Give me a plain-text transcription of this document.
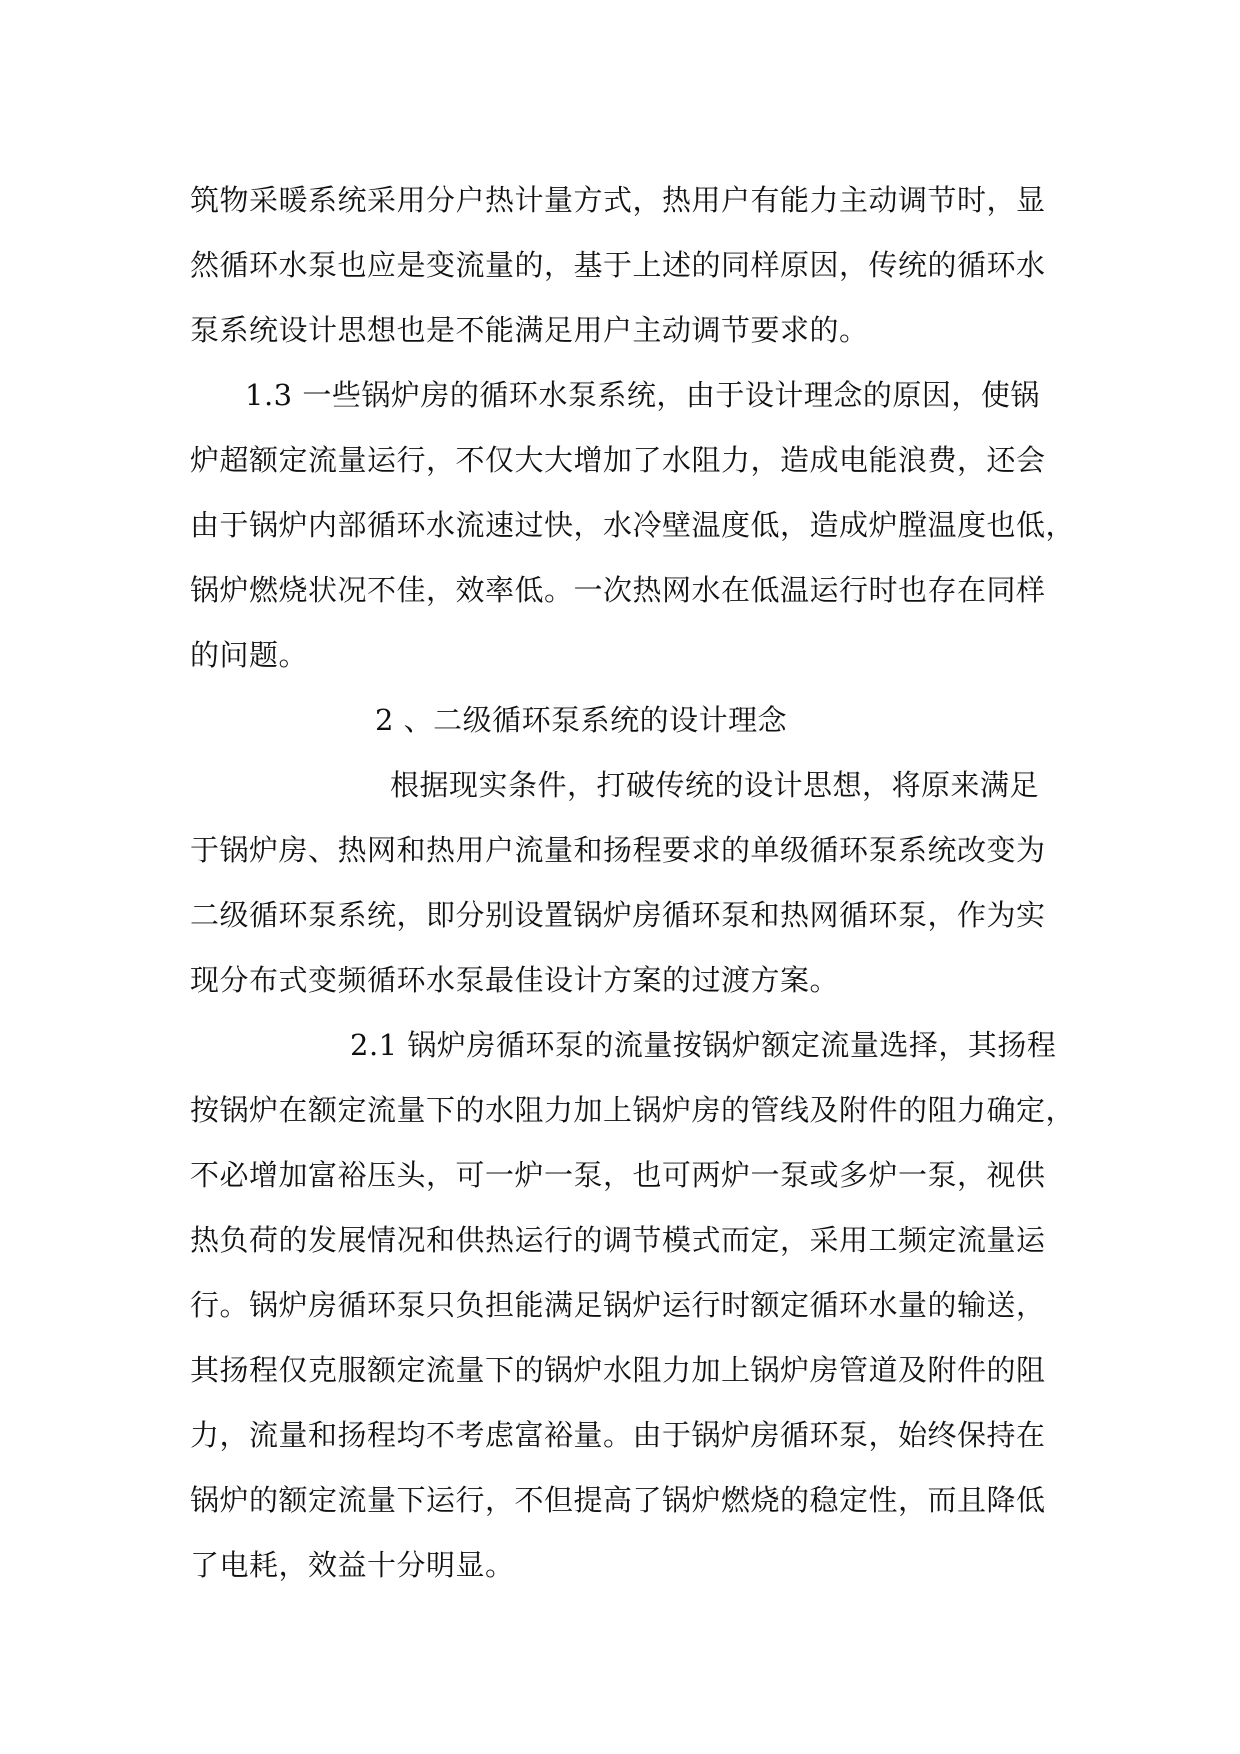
筑物采暖系统采用分户热计量方式，热用户有能力主动调节时，显
然循环水泵也应是变流量的，基于上述的同样原因，传统的循环水
泵系统设计思想也是不能满足用户主动调节要求的。
1.3 一些锅炉房的循环水泵系统，由于设计理念的原因，使锅
炉超额定流量运行，不仅大大增加了水阻力，造成电能浪费，还会
由于锅炉内部循环水流速过快，水冷壁温度低，造成炉膛温度也低，
锅炉燃烧状况不佳，效率低。一次热网水在低温运行时也存在同样
的问题。
2 、二级循环泵系统的设计理念
根据现实条件，打破传统的设计思想，将原来满足
于锅炉房、热网和热用户流量和扬程要求的单级循环泵系统改变为
二级循环泵系统，即分别设置锅炉房循环泵和热网循环泵，作为实
现分布式变频循环水泵最佳设计方案的过渡方案。
2.1 锅炉房循环泵的流量按锅炉额定流量选择，其扬程
按锅炉在额定流量下的水阻力加上锅炉房的管线及附件的阻力确定，
不必增加富裕压头，可一炉一泵，也可两炉一泵或多炉一泵，视供
热负荷的发展情况和供热运行的调节模式而定，采用工频定流量运
行。锅炉房循环泵只负担能满足锅炉运行时额定循环水量的输送，
其扬程仅克服额定流量下的锅炉水阻力加上锅炉房管道及附件的阻
力，流量和扬程均不考虑富裕量。由于锅炉房循环泵，始终保持在
锅炉的额定流量下运行，不但提高了锅炉燃烧的稳定性，而且降低
了电耗，效益十分明显。
